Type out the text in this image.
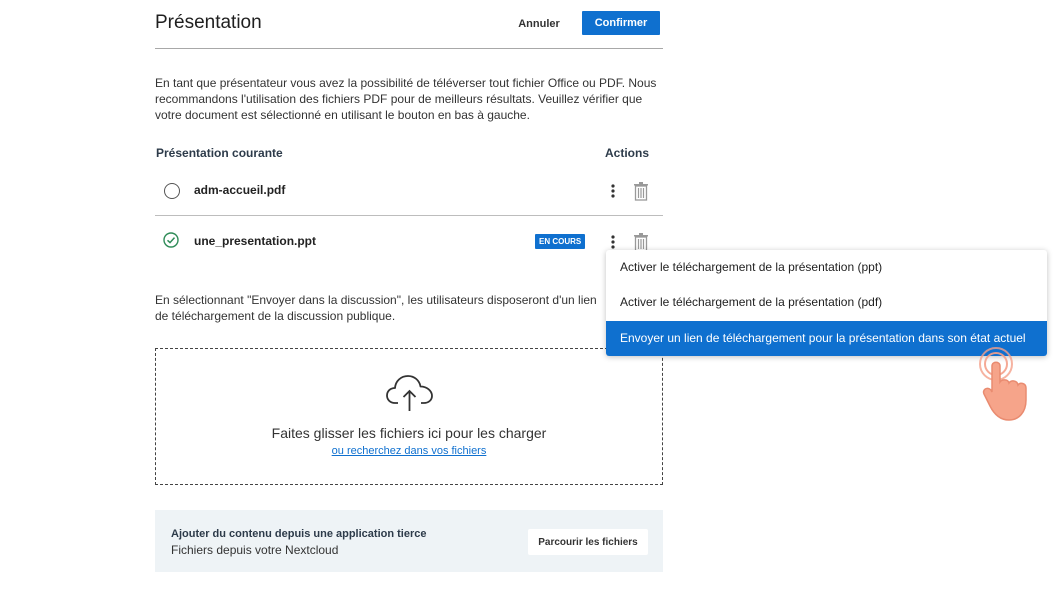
Présentation	Annuler	Confirmer
En tant que présentateur vous avez la possibilité de téléverser tout fichier Office ou PDF. Nous recommandons l'utilisation des fichiers PDF pour de meilleurs résultats. Veuillez vérifier que votre document est sélectionné en utilisant le bouton en bas à gauche.
Présentation courante	Actions
adm-accueil.pdf
une_presentation.ppt	EN COURS
En sélectionnant "Envoyer dans la discussion", les utilisateurs disposeront d'un lien de téléchargement de la discussion publique.
Faites glisser les fichiers ici pour les charger
ou recherchez dans vos fichiers
Ajouter du contenu depuis une application tierce
Fichiers depuis votre Nextcloud
Parcourir les fichiers
Activer le téléchargement de la présentation (ppt)
Activer le téléchargement de la présentation (pdf)
Envoyer un lien de téléchargement pour la présentation dans son état actuel
